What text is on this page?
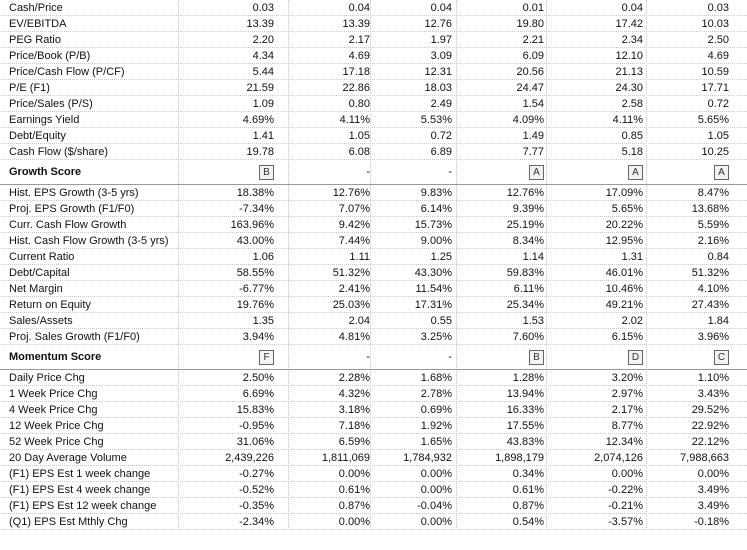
Cash/Price	0.03	0.04	0.04	0.01	0.04	0.03
EV/EBITDA	13.39	13.39	12.76	19.80	17.42	10.03
PEG Ratio	2.20	2.17	1.97	2.21	2.34	2.50
Price/Book (P/B)	4.34	4.69	3.09	6.09	12.10	4.69
Price/Cash Flow (P/CF)	5.44	17.18	12.31	20.56	21.13	10.59
P/E (F1)	21.59	22.86	18.03	24.47	24.30	17.71
Price/Sales (P/S)	1.09	0.80	2.49	1.54	2.58	0.72
Earnings Yield	4.69%	4.11%	5.53%	4.09%	4.11%	5.65%
Debt/Equity	1.41	1.05	0.72	1.49	0.85	1.05
Cash Flow ($/share)	19.78	6.08	6.89	7.77	5.18	10.25
Growth Score	B	-	-	A	A	A
Hist. EPS Growth (3-5 yrs)	18.38%	12.76%	9.83%	12.76%	17.09%	8.47%
Proj. EPS Growth (F1/F0)	-7.34%	7.07%	6.14%	9.39%	5.65%	13.68%
Curr. Cash Flow Growth	163.96%	9.42%	15.73%	25.19%	20.22%	5.59%
Hist. Cash Flow Growth (3-5 yrs)	43.00%	7.44%	9.00%	8.34%	12.95%	2.16%
Current Ratio	1.06	1.11	1.25	1.14	1.31	0.84
Debt/Capital	58.55%	51.32%	43.30%	59.83%	46.01%	51.32%
Net Margin	-6.77%	2.41%	11.54%	6.11%	10.46%	4.10%
Return on Equity	19.76%	25.03%	17.31%	25.34%	49.21%	27.43%
Sales/Assets	1.35	2.04	0.55	1.53	2.02	1.84
Proj. Sales Growth (F1/F0)	3.94%	4.81%	3.25%	7.60%	6.15%	3.96%
Momentum Score	F	-	-	B	D	C
Daily Price Chg	2.50%	2.28%	1.68%	1.28%	3.20%	1.10%
1 Week Price Chg	6.69%	4.32%	2.78%	13.94%	2.97%	3.43%
4 Week Price Chg	15.83%	3.18%	0.69%	16.33%	2.17%	29.52%
12 Week Price Chg	-0.95%	7.18%	1.92%	17.55%	8.77%	22.92%
52 Week Price Chg	31.06%	6.59%	1.65%	43.83%	12.34%	22.12%
20 Day Average Volume	2,439,226	1,811,069	1,784,932	1,898,179	2,074,126	7,988,663
(F1) EPS Est 1 week change	-0.27%	0.00%	0.00%	0.34%	0.00%	0.00%
(F1) EPS Est 4 week change	-0.52%	0.61%	0.00%	0.61%	-0.22%	3.49%
(F1) EPS Est 12 week change	-0.35%	0.87%	-0.04%	0.87%	-0.21%	3.49%
(Q1) EPS Est Mthly Chg	-2.34%	0.00%	0.00%	0.54%	-3.57%	-0.18%
